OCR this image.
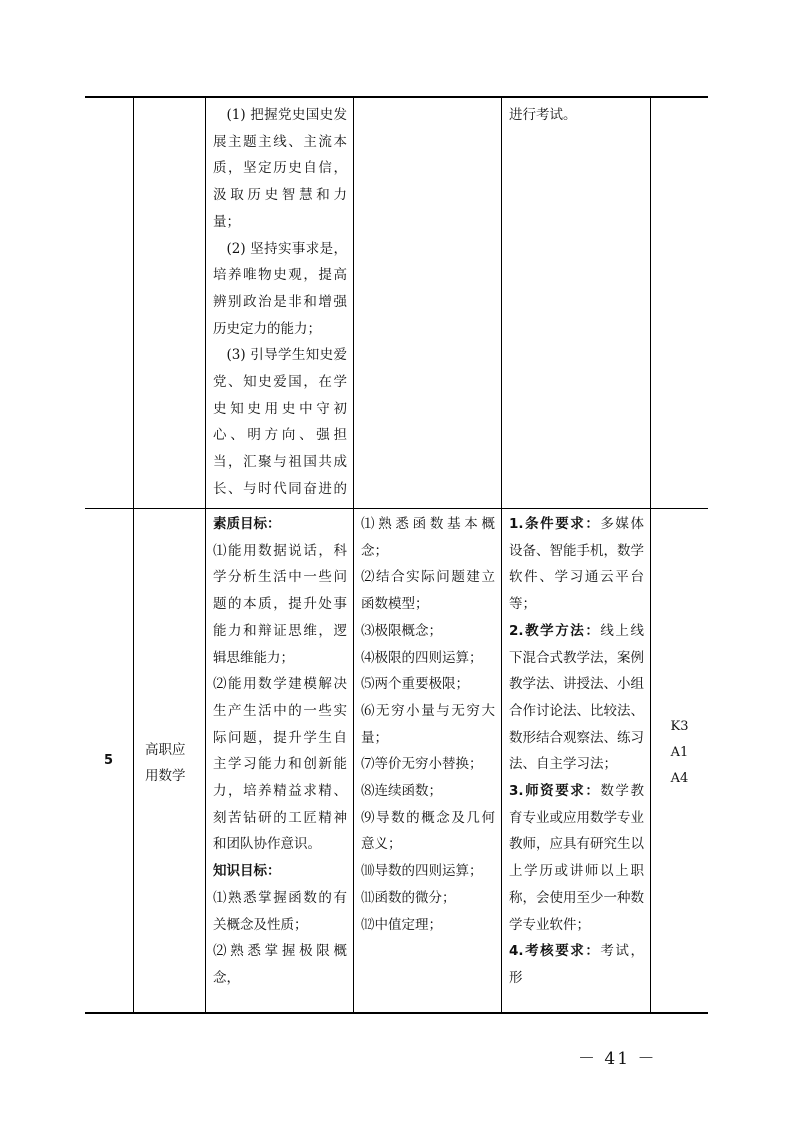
(1) 把握党史国史发展主题主线、主流本质，坚定历史自信，汲取历史智慧和力量；

(2) 坚持实事求是，培养唯物史观，提高辨别政治是非和增强历史定力的能力；

(3) 引导学生知史爱党、知史爱国，在学史知史用史中守初心、明方向、强担当，汇聚与祖国共成长、与时代同奋进的

进行考试。

5
高职应用数学

素质目标：

⑴能用数据说话，科学分析生活中一些问题的本质，提升处事能力和辩证思维，逻辑思维能力；

⑵能用数学建模解决生产生活中的一些实际问题，提升学生自主学习能力和创新能力，培养精益求精、刻苦钻研的工匠精神和团队协作意识。

知识目标：

⑴熟悉掌握函数的有关概念及性质；

⑵熟悉掌握极限概念，

⑴熟悉函数基本概念；

⑵结合实际问题建立函数模型；

⑶极限概念；

⑷极限的四则运算；

⑸两个重要极限；

⑹无穷小量与无穷大量；

⑺等价无穷小替换；

⑻连续函数；

⑼导数的概念及几何意义；

⑽导数的四则运算；

⑾函数的微分；

⑿中值定理；

1.条件要求：多媒体设备、智能手机，数学软件、学习通云平台等；

2.教学方法：线上线下混合式教学法，案例教学法、讲授法、小组合作讨论法、比较法、数形结合观察法、练习法、自主学习法；

3.师资要求：数学教育专业或应用数学专业教师，应具有研究生以上学历或讲师以上职称，会使用至少一种数学专业软件；

4.考核要求：考试，形

K3
A1
A4
－ 41 －
